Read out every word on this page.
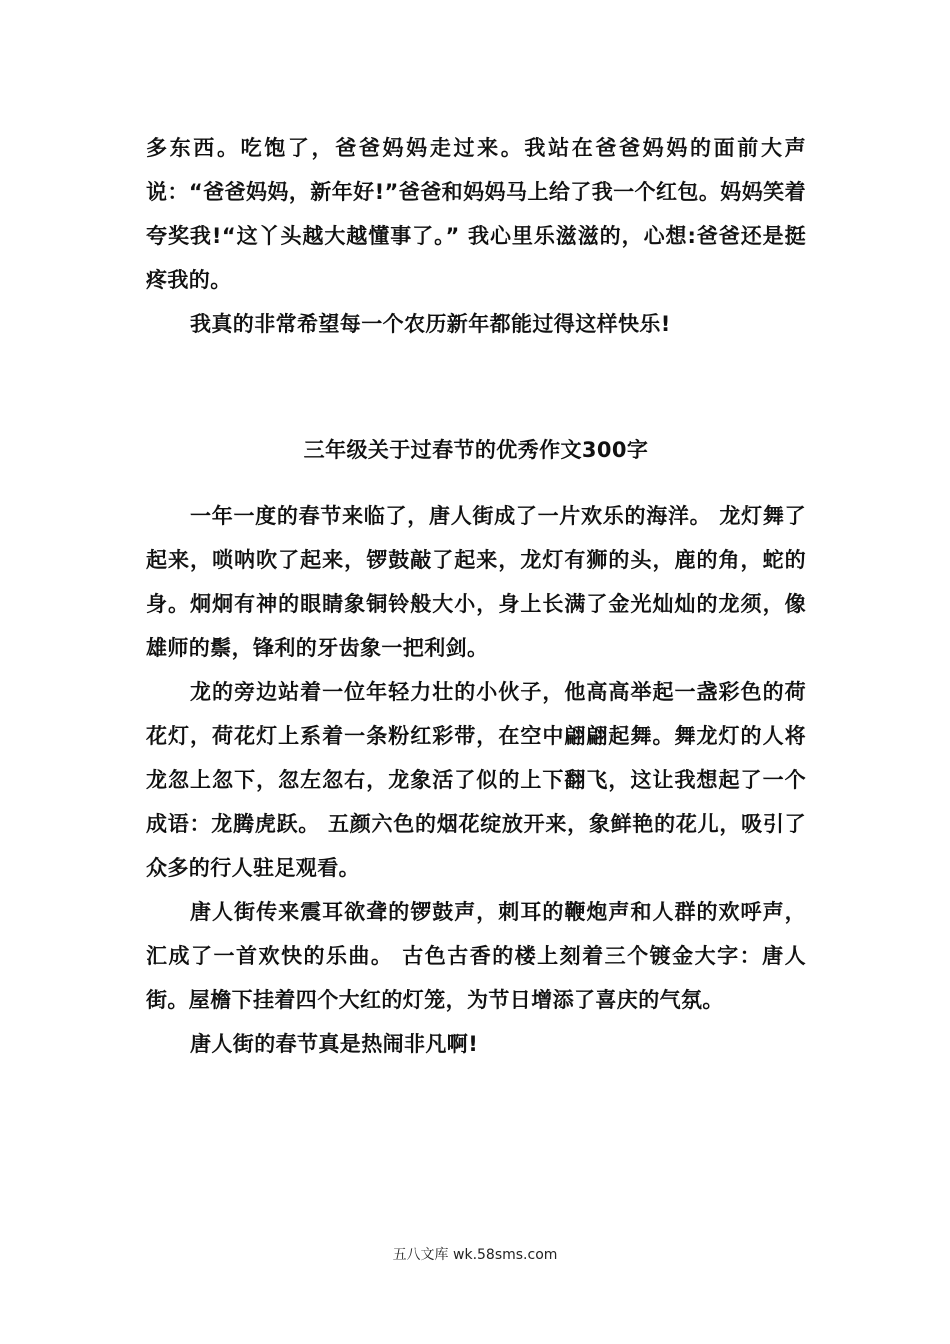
多东西。吃饱了，爸爸妈妈走过来。我站在爸爸妈妈的面前大声说：“爸爸妈妈，新年好!”爸爸和妈妈马上给了我一个红包。妈妈笑着夸奖我!“这丫头越大越懂事了。” 我心里乐滋滋的，心想:爸爸还是挺疼我的。

我真的非常希望每一个农历新年都能过得这样快乐!

三年级关于过春节的优秀作文300字

一年一度的春节来临了，唐人街成了一片欢乐的海洋。 龙灯舞了起来，唢呐吹了起来，锣鼓敲了起来，龙灯有狮的头，鹿的角，蛇的身。炯炯有神的眼睛象铜铃般大小，身上长满了金光灿灿的龙须，像雄师的鬃，锋利的牙齿象一把利剑。

龙的旁边站着一位年轻力壮的小伙子，他高高举起一盏彩色的荷花灯，荷花灯上系着一条粉红彩带，在空中翩翩起舞。舞龙灯的人将龙忽上忽下，忽左忽右，龙象活了似的上下翻飞，这让我想起了一个成语：龙腾虎跃。 五颜六色的烟花绽放开来，象鲜艳的花儿，吸引了众多的行人驻足观看。

唐人街传来震耳欲聋的锣鼓声，刺耳的鞭炮声和人群的欢呼声，汇成了一首欢快的乐曲。 古色古香的楼上刻着三个镀金大字：唐人街。屋檐下挂着四个大红的灯笼，为节日增添了喜庆的气氛。

唐人街的春节真是热闹非凡啊!

五八文库 wk.58sms.com
